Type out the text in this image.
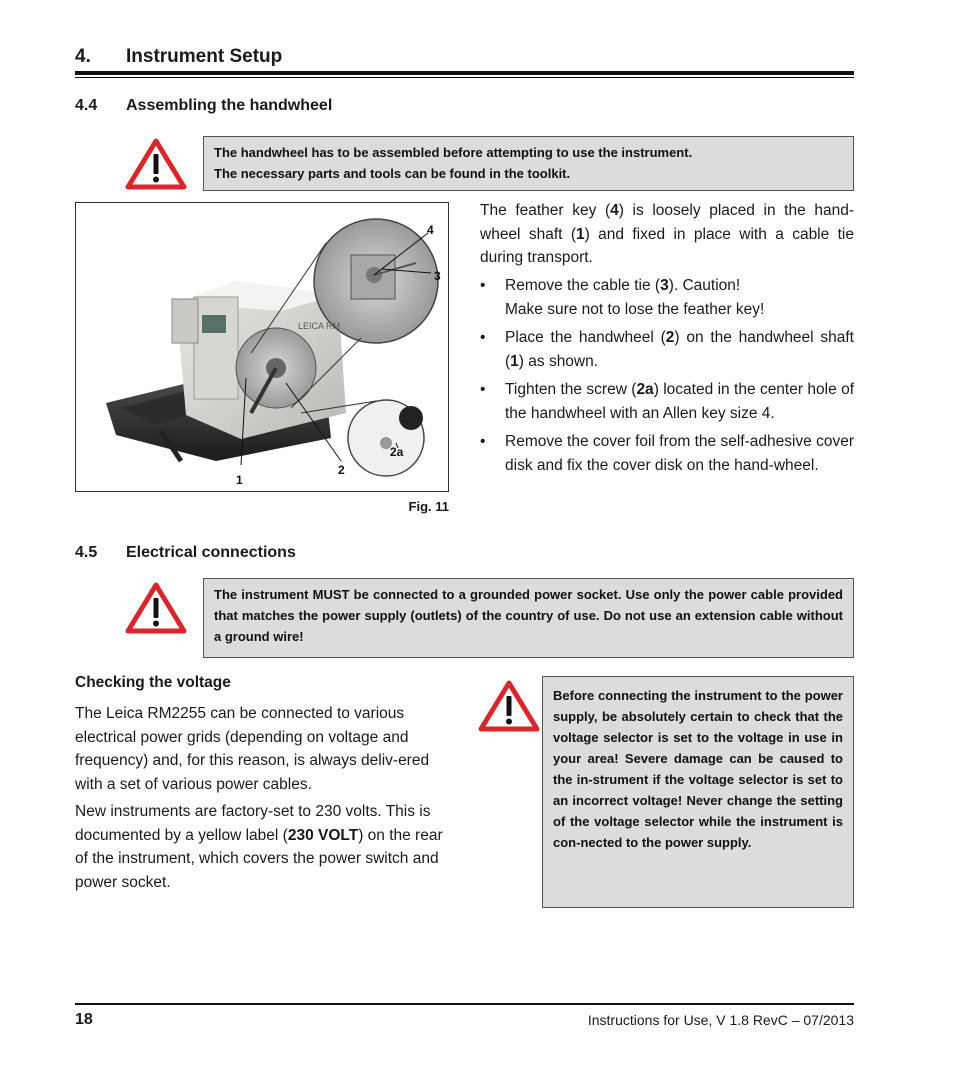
4. Instrument Setup
4.4 Assembling the handwheel
The handwheel has to be assembled before attempting to use the instrument.
The necessary parts and tools can be found in the toolkit.
LEICA RM
4
3
2a
2
1
Fig. 11
The feather key (4) is loosely placed in the hand-wheel shaft (1) and fixed in place with a cable tie during transport.
• Remove the cable tie (3). Caution!
Make sure not to lose the feather key!
• Place the handwheel (2) on the handwheel shaft (1) as shown.
• Tighten the screw (2a) located in the center hole of the handwheel with an Allen key size 4.
• Remove the cover foil from the self-adhesive cover disk and fix the cover disk on the hand-wheel.
4.5 Electrical connections
The instrument MUST be connected to a grounded power socket. Use only the power cable provided that matches the power supply (outlets) of the country of use. Do not use an extension cable without a ground wire!
Checking the voltage
The Leica RM2255 can be connected to various electrical power grids (depending on voltage and frequency) and, for this reason, is always deliv-ered with a set of various power cables.
New instruments are factory-set to 230 volts. This is documented by a yellow label (230 VOLT) on the rear of the instrument, which covers the power switch and power socket.
Before connecting the instrument to the power supply, be absolutely certain to check that the voltage selector is set to the voltage in use in your area! Severe damage can be caused to the in-strument if the voltage selector is set to an incorrect voltage! Never change the setting of the voltage selector while the instrument is con-nected to the power supply.
18	Instructions for Use, V 1.8 RevC – 07/2013
